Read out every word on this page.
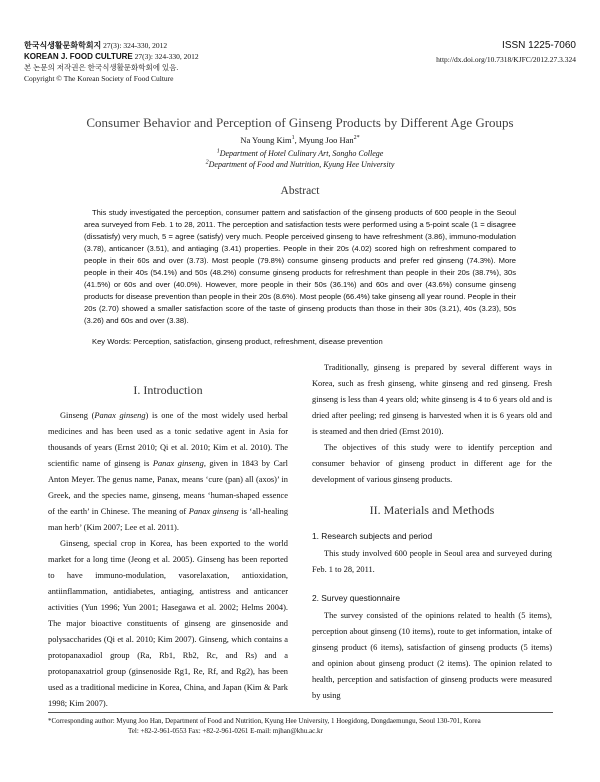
한국식생활문화학회지 27(3): 324-330, 2012
KOREAN J. FOOD CULTURE 27(3): 324-330, 2012
본 논문의 저작권은 한국식생활문화학회에 있음.
Copyright © The Korean Society of Food Culture
ISSN 1225-7060
http://dx.doi.org/10.7318/KJFC/2012.27.3.324
Consumer Behavior and Perception of Ginseng Products by Different Age Groups
Na Young Kim$^1$, Myung Joo Han$^{2*}$
$^1$Department of Hotel Culinary Art, Songho College
$^2$Department of Food and Nutrition, Kyung Hee University
Abstract

This study investigated the perception, consumer pattern and satisfaction of the ginseng products of 600 people in the Seoul area surveyed from Feb. 1 to 28, 2011. The perception and satisfaction tests were performed using a 5-point scale (1 = disagree (dissatisfy) very much, 5 = agree (satisfy) very much. People perceived ginseng to have refreshment (3.86), immuno-modulation (3.78), anticancer (3.51), and antiaging (3.41) properties. People in their 20s (4.02) scored high on refreshment compared to people in their 60s and over (3.73). Most people (79.8%) consume ginseng products and prefer red ginseng (74.3%). More people in their 40s (54.1%) and 50s (48.2%) consume ginseng products for refreshment than people in their 20s (38.7%), 30s (41.5%) or 60s and over (40.0%). However, more people in their 50s (36.1%) and 60s and over (43.6%) consume ginseng products for disease prevention than people in their 20s (8.6%). Most people (66.4%) take ginseng all year round. People in their 20s (2.70) showed a smaller satisfaction score of the taste of ginseng products than those in their 30s (3.21), 40s (3.23), 50s (3.26) and 60s and over (3.38).

Key Words: Perception, satisfaction, ginseng product, refreshment, disease prevention
I. Introduction

Ginseng (Panax ginseng) is one of the most widely used herbal medicines and has been used as a tonic sedative agent in Asia for thousands of years (Ernst 2010; Qi et al. 2010; Kim et al. 2010). The scientific name of ginseng is Panax ginseng, given in 1843 by Carl Anton Meyer. The genus name, Panax, means ‘cure (pan) all (axos)’ in Greek, and the species name, ginseng, means ‘human-shaped essence of the earth’ in Chinese. The meaning of Panax ginseng is ‘all-healing man herb’ (Kim 2007; Lee et al. 2011).

Ginseng, special crop in Korea, has been exported to the world market for a long time (Jeong et al. 2005). Ginseng has been reported to have immuno-modulation, vasorelaxation, antioxidation, antiinflammation, antidiabetes, antiaging, antistress and anticancer activities (Yun 1996; Yun 2001; Hasegawa et al. 2002; Helms 2004). The major bioactive constituents of ginseng are ginsenoside and polysaccharides (Qi et al. 2010; Kim 2007). Ginseng, which contains a protopanaxadiol group (Ra, Rb1, Rb2, Rc, and Rs) and a protopanaxatriol group (ginsenoside Rg1, Re, Rf, and Rg2), has been used as a traditional medicine in Korea, China, and Japan (Kim & Park 1998; Kim 2007).

Traditionally, ginseng is prepared by several different ways in Korea, such as fresh ginseng, white ginseng and red ginseng. Fresh ginseng is less than 4 years old; white ginseng is 4 to 6 years old and is dried after peeling; red ginseng is harvested when it is 6 years old and is steamed and then dried (Ernst 2010).

The objectives of this study were to identify perception and consumer behavior of ginseng product in different age for the development of various ginseng products.

II. Materials and Methods
1. Research subjects and period

This study involved 600 people in Seoul area and surveyed during Feb. 1 to 28, 2011.

2. Survey questionnaire

The survey consisted of the opinions related to health (5 items), perception about ginseng (10 items), route to get information, intake of ginseng product (6 items), satisfaction of ginseng products (5 items) and opinion about ginseng product (2 items). The opinion related to health, perception and satisfaction of ginseng products were measured by using

*Corresponding author: Myung Joo Han, Department of Food and Nutrition, Kyung Hee University, 1 Hoegidong, Dongdaemungu, Seoul 130-701, Korea
Tel: +82-2-961-0553 Fax: +82-2-961-0261 E-mail: mjhan@khu.ac.kr
